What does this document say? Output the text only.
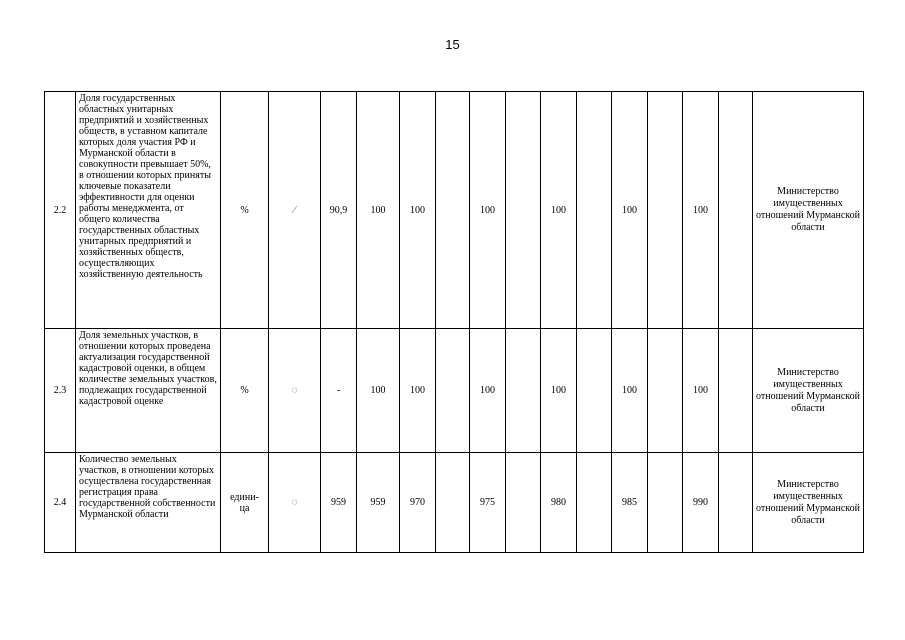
15
2.2	Доля государственных областных унитарных предприятий и хозяйственных обществ, в уставном капитале которых доля участия РФ и Мурманской области в совокупности превышает 50%, в отношении которых приняты ключевые показатели эффективности для оценки работы менеджмента, от общего количества государственных областных унитарных предприятий и хозяйственных обществ, осуществляющих хозяйственную деятельность	%	⁄	90,9	100	100		100		100		100		100		Министерство имущественных отношений Мурманской области
2.3	Доля земельных участков, в отношении которых проведена актуализация государственной кадастровой оценки, в общем количестве земельных участков, подлежащих государственной кадастровой оценке	%	◌	-	100	100		100		100		100		100		Министерство имущественных отношений Мурманской области
2.4	Количество земельных участков, в отношении которых осуществлена государственная регистрация права государственной собственности Мурманской области	едини-
ца	◌	959	959	970		975		980		985		990		Министерство имущественных отношений Мурманской области
